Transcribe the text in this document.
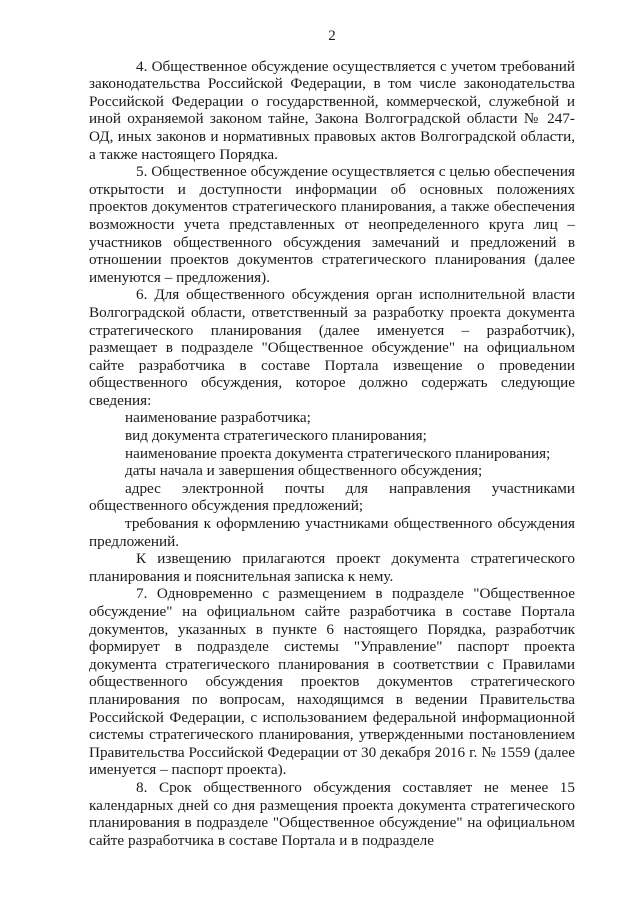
2

4. Общественное обсуждение осуществляется с учетом требований законодательства Российской Федерации, в том числе законодательства Российской Федерации о государственной, коммерческой, служебной и иной охраняемой законом тайне, Закона Волгоградской области № 247-ОД, иных законов и нормативных правовых актов Волгоградской области, а также настоящего Порядка.

5. Общественное обсуждение осуществляется с целью обеспечения открытости и доступности информации об основных положениях проектов документов стратегического планирования, а также обеспечения возможности учета представленных от неопределенного круга лиц – участников общественного обсуждения замечаний и предложений в отношении проектов документов стратегического планирования (далее именуются – предложения).

6. Для общественного обсуждения орган исполнительной власти Волгоградской области, ответственный за разработку проекта документа стратегического планирования (далее именуется – разработчик), размещает в подразделе "Общественное обсуждение" на официальном сайте разработчика в составе Портала извещение о проведении общественного обсуждения, которое должно содержать следующие сведения:

наименование разработчика;

вид документа стратегического планирования;

наименование проекта документа стратегического планирования;

даты начала и завершения общественного обсуждения;

адрес электронной почты для направления участниками общественного обсуждения предложений;

требования к оформлению участниками общественного обсуждения предложений.

К извещению прилагаются проект документа стратегического планирования и пояснительная записка к нему.

7. Одновременно с размещением в подразделе "Общественное обсуждение" на официальном сайте разработчика в составе Портала документов, указанных в пункте 6 настоящего Порядка, разработчик формирует в подразделе системы "Управление" паспорт проекта документа стратегического планирования в соответствии с Правилами общественного обсуждения проектов документов стратегического планирования по вопросам, находящимся в ведении Правительства Российской Федерации, с использованием федеральной информационной системы стратегического планирования, утвержденными постановлением Правительства Российской Федерации от 30 декабря 2016 г. № 1559 (далее именуется – паспорт проекта).

8. Срок общественного обсуждения составляет не менее 15 календарных дней со дня размещения проекта документа стратегического планирования в подразделе "Общественное обсуждение" на официальном сайте разработчика в составе Портала и в подразделе
